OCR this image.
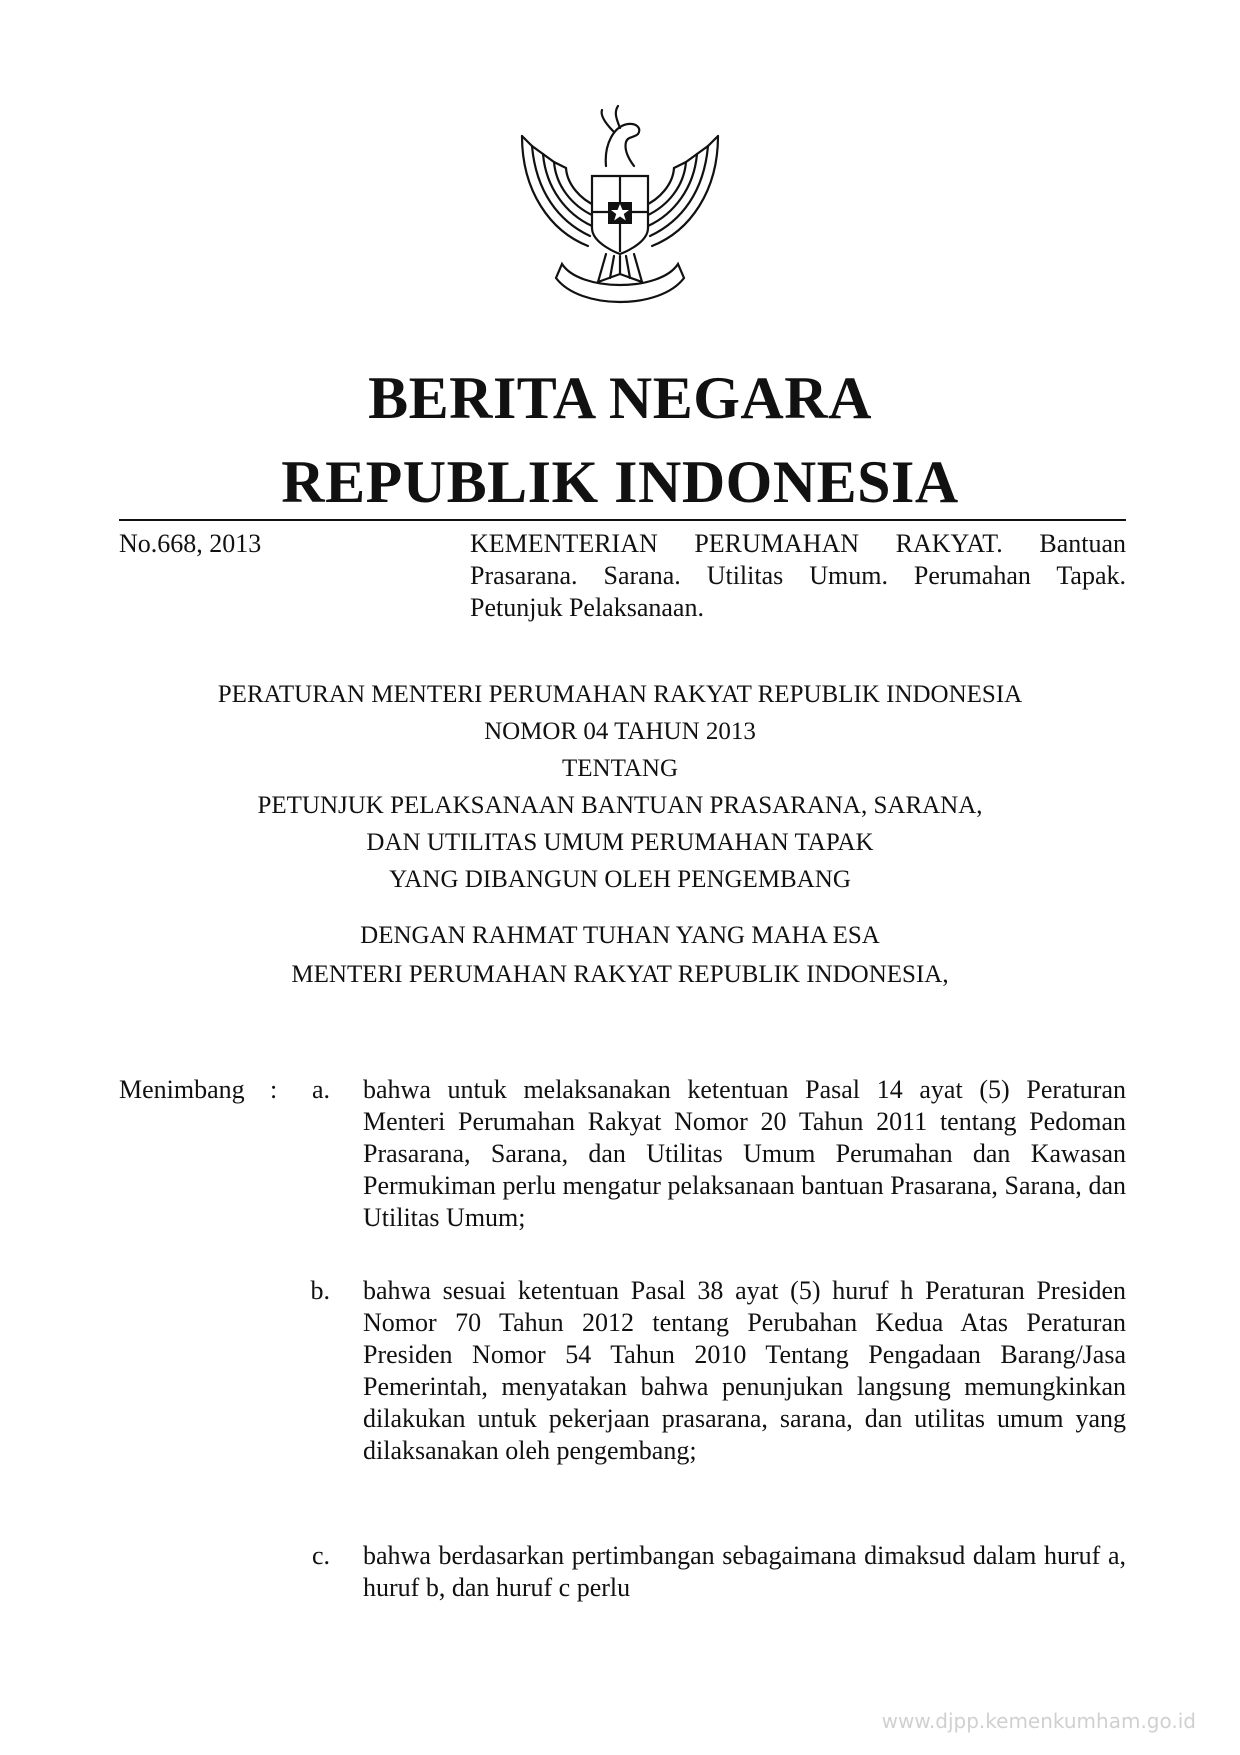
BERITA NEGARA
REPUBLIK INDONESIA
No.668, 2013	KEMENTERIAN PERUMAHAN RAKYAT. Bantuan Prasarana. Sarana. Utilitas Umum. Perumahan Tapak. Petunjuk Pelaksanaan.
PERATURAN MENTERI PERUMAHAN RAKYAT REPUBLIK INDONESIA
NOMOR 04 TAHUN 2013
TENTANG
PETUNJUK PELAKSANAAN BANTUAN PRASARANA, SARANA,
DAN UTILITAS UMUM PERUMAHAN TAPAK
YANG DIBANGUN OLEH PENGEMBANG
DENGAN RAHMAT TUHAN YANG MAHA ESA
MENTERI PERUMAHAN RAKYAT REPUBLIK INDONESIA,
Menimbang :	a. bahwa untuk melaksanakan ketentuan Pasal 14 ayat (5) Peraturan Menteri Perumahan Rakyat Nomor 20 Tahun 2011 tentang Pedoman Prasarana, Sarana, dan Utilitas Umum Perumahan dan Kawasan Permukiman perlu mengatur pelaksanaan bantuan Prasarana, Sarana, dan Utilitas Umum;
b. bahwa sesuai ketentuan Pasal 38 ayat (5) huruf h Peraturan Presiden Nomor 70 Tahun 2012 tentang Perubahan Kedua Atas Peraturan Presiden Nomor 54 Tahun 2010 Tentang Pengadaan Barang/Jasa Pemerintah, menyatakan bahwa penunjukan langsung memungkinkan dilakukan untuk pekerjaan prasarana, sarana, dan utilitas umum yang dilaksanakan oleh pengembang;
c. bahwa berdasarkan pertimbangan sebagaimana dimaksud dalam huruf a, huruf b, dan huruf c perlu
www.djpp.kemenkumham.go.id
